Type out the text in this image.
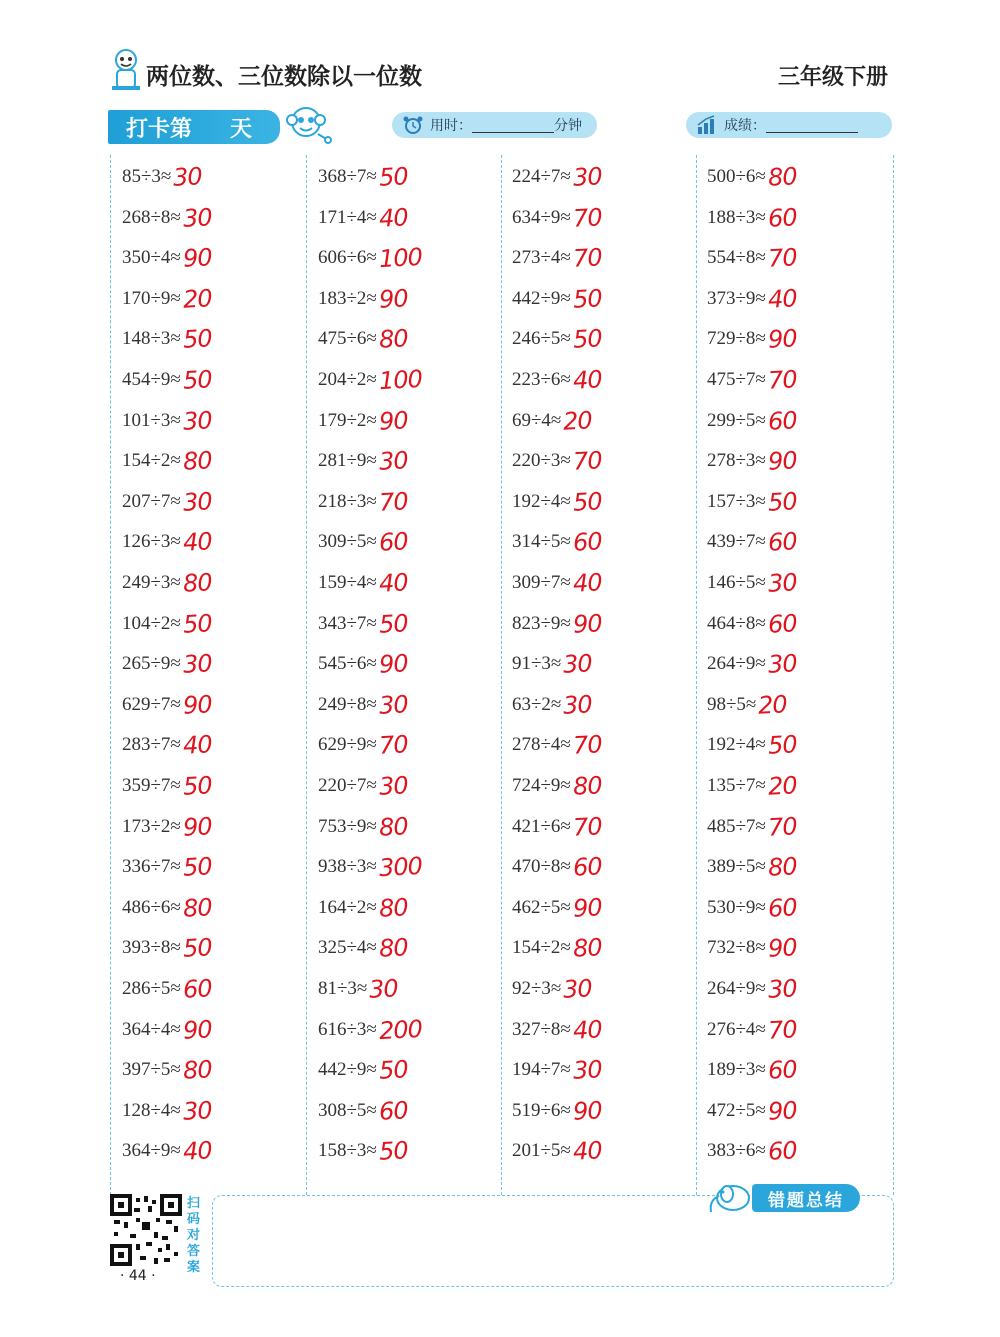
两位数、三位数除以一位数	三年级下册
打卡第 天	用时：	分钟	成绩：
85÷3≈ 30
268÷8≈ 30
350÷4≈ 90
170÷9≈ 20
148÷3≈ 50
454÷9≈ 50
101÷3≈ 30
154÷2≈ 80
207÷7≈ 30
126÷3≈ 40
249÷3≈ 80
104÷2≈ 50
265÷9≈ 30
629÷7≈ 90
283÷7≈ 40
359÷7≈ 50
173÷2≈ 90
336÷7≈ 50
486÷6≈ 80
393÷8≈ 50
286÷5≈ 60
364÷4≈ 90
397÷5≈ 80
128÷4≈ 30
364÷9≈ 40
368÷7≈ 50
171÷4≈ 40
606÷6≈ 100
183÷2≈ 90
475÷6≈ 80
204÷2≈ 100
179÷2≈ 90
281÷9≈ 30
218÷3≈ 70
309÷5≈ 60
159÷4≈ 40
343÷7≈ 50
545÷6≈ 90
249÷8≈ 30
629÷9≈ 70
220÷7≈ 30
753÷9≈ 80
938÷3≈ 300
164÷2≈ 80
325÷4≈ 80
81÷3≈ 30
616÷3≈ 200
442÷9≈ 50
308÷5≈ 60
158÷3≈ 50
224÷7≈ 30
634÷9≈ 70
273÷4≈ 70
442÷9≈ 50
246÷5≈ 50
223÷6≈ 40
69÷4≈ 20
220÷3≈ 70
192÷4≈ 50
314÷5≈ 60
309÷7≈ 40
823÷9≈ 90
91÷3≈ 30
63÷2≈ 30
278÷4≈ 70
724÷9≈ 80
421÷6≈ 70
470÷8≈ 60
462÷5≈ 90
154÷2≈ 80
92÷3≈ 30
327÷8≈ 40
194÷7≈ 30
519÷6≈ 90
201÷5≈ 40
500÷6≈ 80
188÷3≈ 60
554÷8≈ 70
373÷9≈ 40
729÷8≈ 90
475÷7≈ 70
299÷5≈ 60
278÷3≈ 90
157÷3≈ 50
439÷7≈ 60
146÷5≈ 30
464÷8≈ 60
264÷9≈ 30
98÷5≈ 20
192÷4≈ 50
135÷7≈ 20
485÷7≈ 70
389÷5≈ 80
530÷9≈ 60
732÷8≈ 90
264÷9≈ 30
276÷4≈ 70
189÷3≈ 60
472÷5≈ 90
383÷6≈ 60
错题总结
扫码对答案
· 44 ·
